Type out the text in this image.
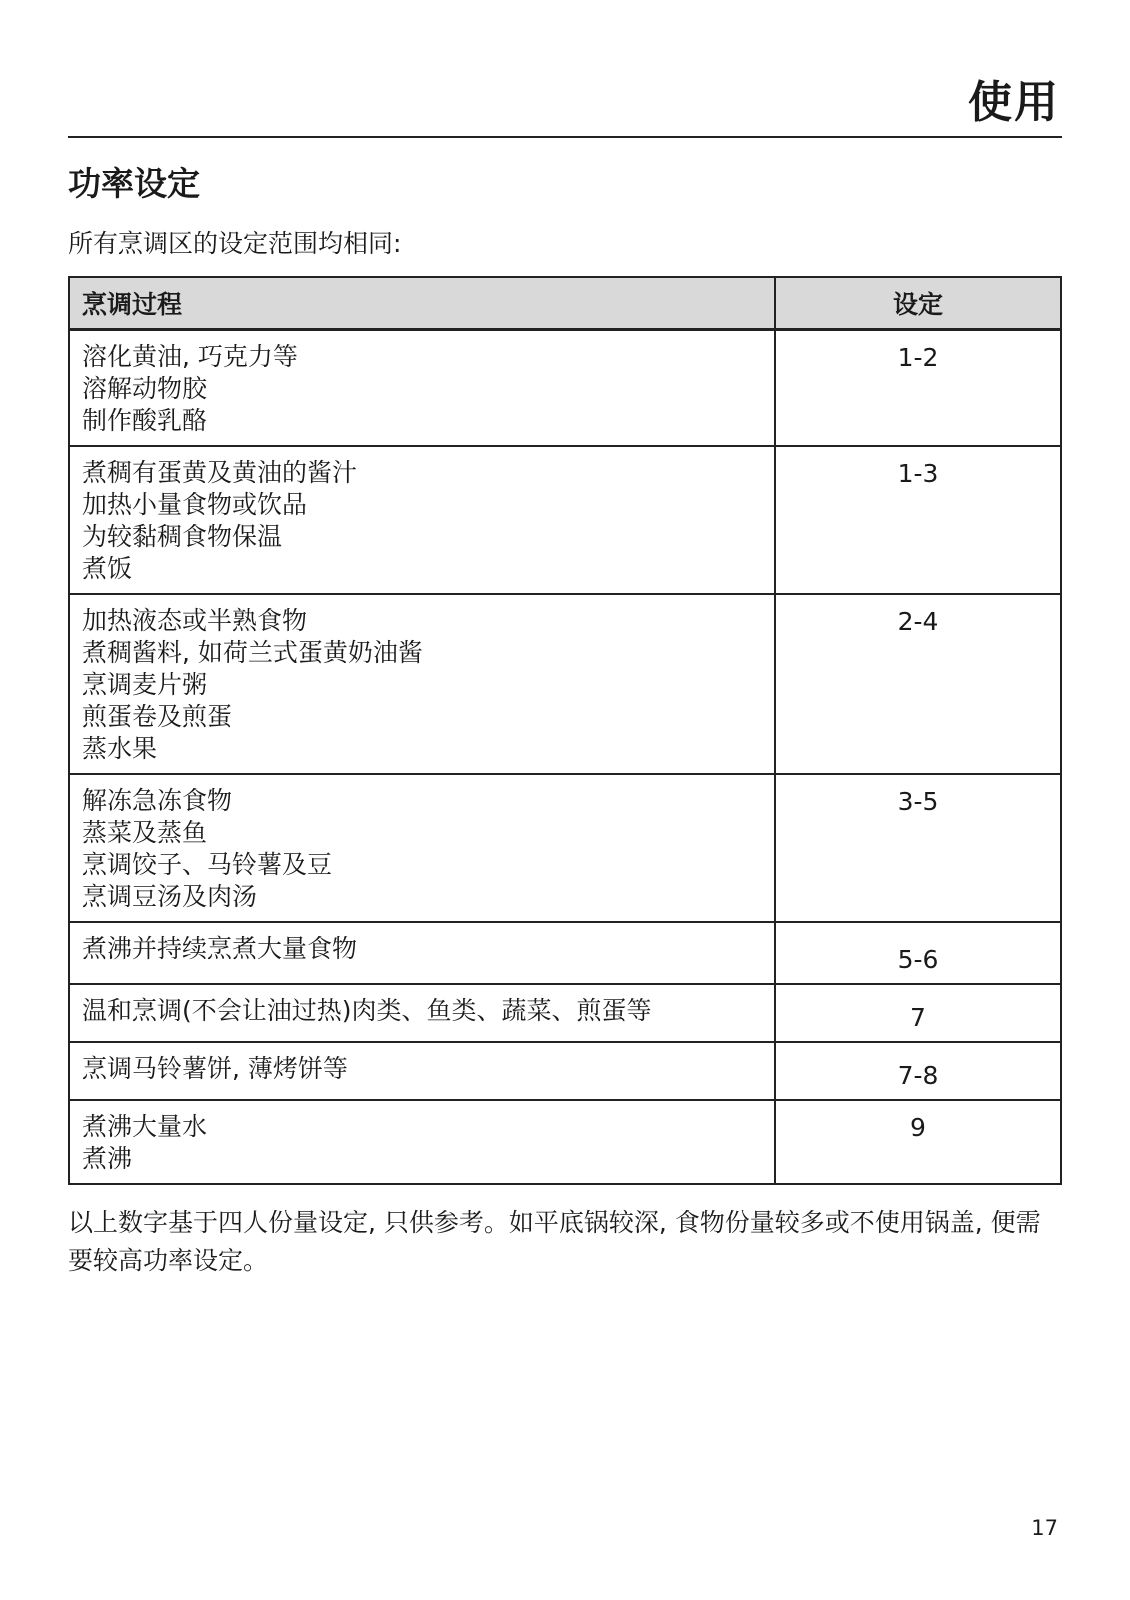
使用
功率设定
所有烹调区的设定范围均相同:
烹调过程	设定

溶化黄油, 巧克力等
溶解动物胶
制作酸乳酪	1-2

煮稠有蛋黄及黄油的酱汁
加热小量食物或饮品
为较黏稠食物保温
煮饭	1-3

加热液态或半熟食物
煮稠酱料, 如荷兰式蛋黄奶油酱
烹调麦片粥
煎蛋卷及煎蛋
蒸水果	2-4

解冻急冻食物
蒸菜及蒸鱼
烹调饺子、马铃薯及豆
烹调豆汤及肉汤	3-5

煮沸并持续烹煮大量食物	5-6

温和烹调(不会让油过热)肉类、鱼类、蔬菜、煎蛋等	7

烹调马铃薯饼, 薄烤饼等	7-8

煮沸大量水
煮沸	9
以上数字基于四人份量设定, 只供参考。如平底锅较深, 食物份量较多或不使用锅盖, 便需要较高功率设定。
17
